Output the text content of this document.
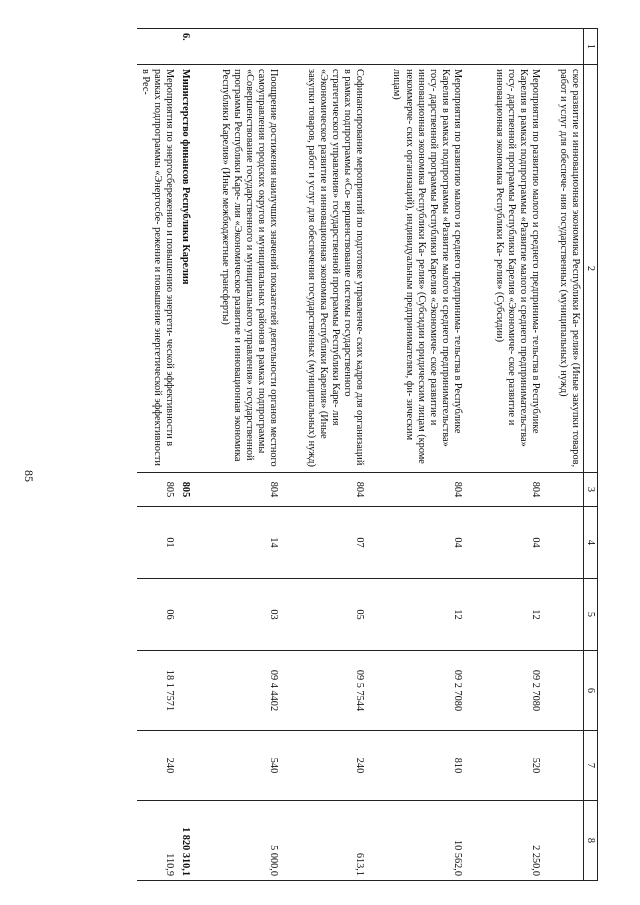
85
1	2	3	4	5	6	7	8
	ское развитие и инновационная экономика Республики Ка- релия» (Иные закупки товаров, работ и услуг для обеспече- ния государственных (муниципальных) нужд)						
	Мероприятия по развитию малого и среднего предпринима- тельства в Республике Карелия в рамках подпрограммы «Развитие малого и среднего предпринимательства» госу- дарственной программы Республики Карелия «Экономиче- ское развитие и инновационная экономика Республики Ка- релия» (Субсидии)	804	04	12	09 2 7080	520	2 250,0
	Мероприятия по развитию малого и среднего предпринима- тельства в Республике Карелия в рамках подпрограммы «Развитие малого и среднего предпринимательства» госу- дарственной программы Республики Карелия «Экономиче- ское развитие и инновационная экономика Республики Ка- релия» (Субсидии юридическим лицам (кроме некоммерче- ских организаций), индивидуальным предпринимателям, фи- зическим лицам)	804	04	12	09 2 7080	810	10 562,0
	Софинансирование мероприятий по подготовке управленче- ских кадров для организаций в рамках подпрограммы «Со- вершенствование системы государственного стратегического управления» государственной программы Республики Каре- лия «Экономическое развитие и инновационная экономика Республики Карелия» (Иные закупки товаров, работ и услуг для обеспечения государственных (муниципальных) нужд)	804	07	05	09 5 7544	240	613,1
	Поощрение достижения наилучших значений показателей деятельности органов местного самоуправления городских округов и муниципальных районов в рамках подпрограммы «Совершенствование государственного и муниципального управления» государственной программы Республики Каре- лия «Экономическое развитие и инновационная экономика Республики Карелия» (Иные межбюджетные трансферты)	804	14	03	09 4 4402	540	5 000,0
6.	Министерство финансов Республики Карелия	805					1 820 310,1
	Мероприятия по энергосбережению и повышению энергети- ческой эффективности в рамках подпрограммы «Энергосбе- режение и повышение энергетической эффективности в Рес-	805	01	06	18 1 7571	240	110,9
